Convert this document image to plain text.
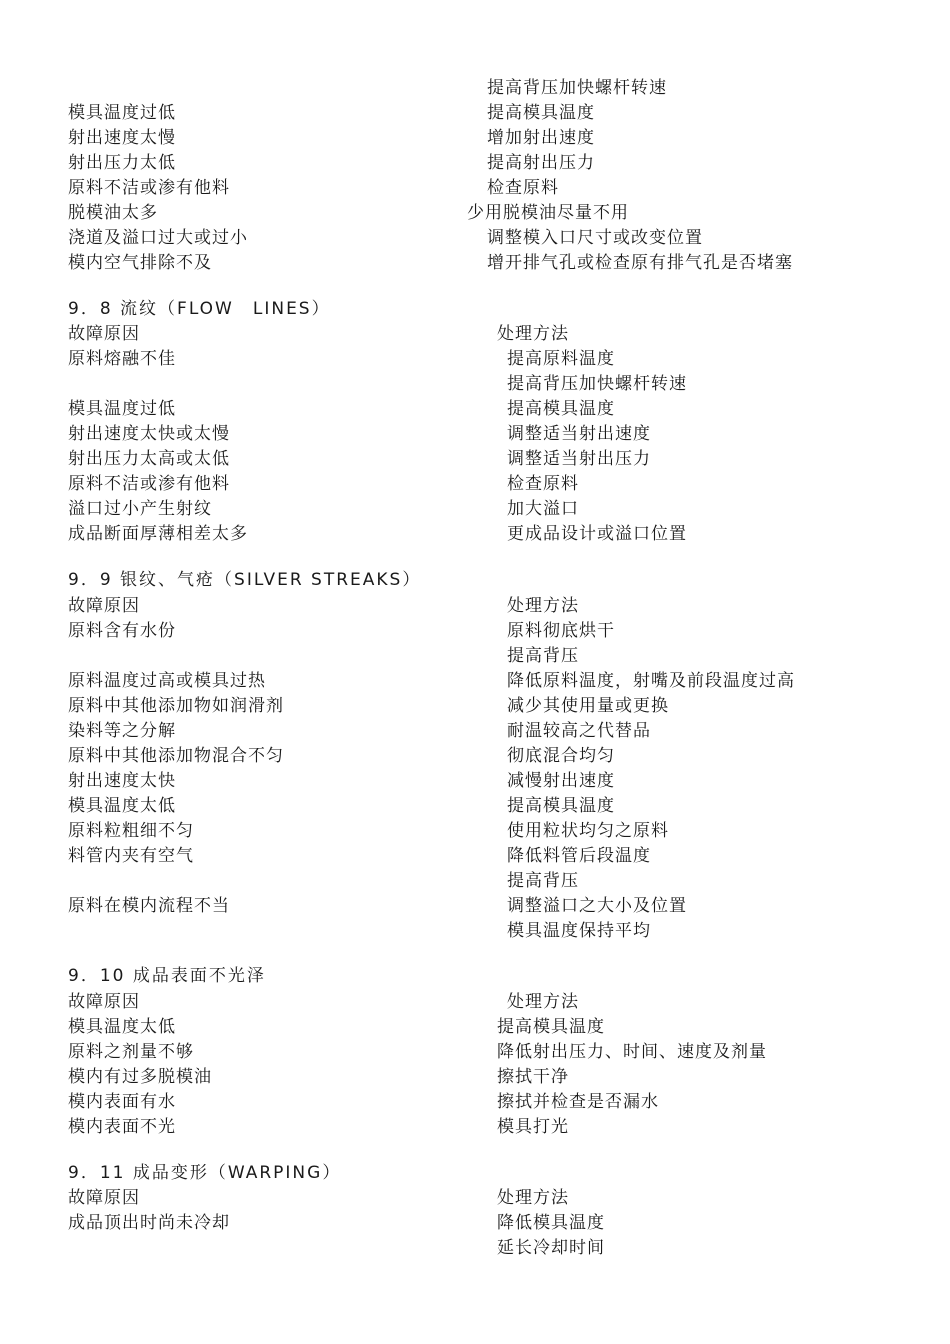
提高背压加快螺杆转速
模具温度过低	提高模具温度
射出速度太慢	增加射出速度
射出压力太低	提高射出压力
原料不洁或渗有他料	检查原料
脱模油太多	少用脱模油尽量不用
浇道及溢口过大或过小	调整模入口尺寸或改变位置
模内空气排除不及	增开排气孔或检查原有排气孔是否堵塞
9．8 流纹（FLOW　LINES）
故障原因	处理方法
原料熔融不佳	提高原料温度
提高背压加快螺杆转速
模具温度过低	提高模具温度
射出速度太快或太慢	调整适当射出速度
射出压力太高或太低	调整适当射出压力
原料不洁或渗有他料	检查原料
溢口过小产生射纹	加大溢口
成品断面厚薄相差太多	更成品设计或溢口位置
9．9 银纹、气疮（SILVER STREAKS）
故障原因	处理方法
原料含有水份	原料彻底烘干
提高背压
原料温度过高或模具过热	降低原料温度，射嘴及前段温度过高
原料中其他添加物如润滑剂	减少其使用量或更换
染料等之分解	耐温较高之代替品
原料中其他添加物混合不匀	彻底混合均匀
射出速度太快	减慢射出速度
模具温度太低	提高模具温度
原料粒粗细不匀	使用粒状均匀之原料
料管内夹有空气	降低料管后段温度
提高背压
原料在模内流程不当	调整溢口之大小及位置
模具温度保持平均
9．10 成品表面不光泽
故障原因	处理方法
模具温度太低	提高模具温度
原料之剂量不够	降低射出压力、时间、速度及剂量
模内有过多脱模油	擦拭干净
模内表面有水	擦拭并检查是否漏水
模内表面不光	模具打光
9．11 成品变形（WARPING）
故障原因	处理方法
成品顶出时尚未冷却	降低模具温度
延长冷却时间
